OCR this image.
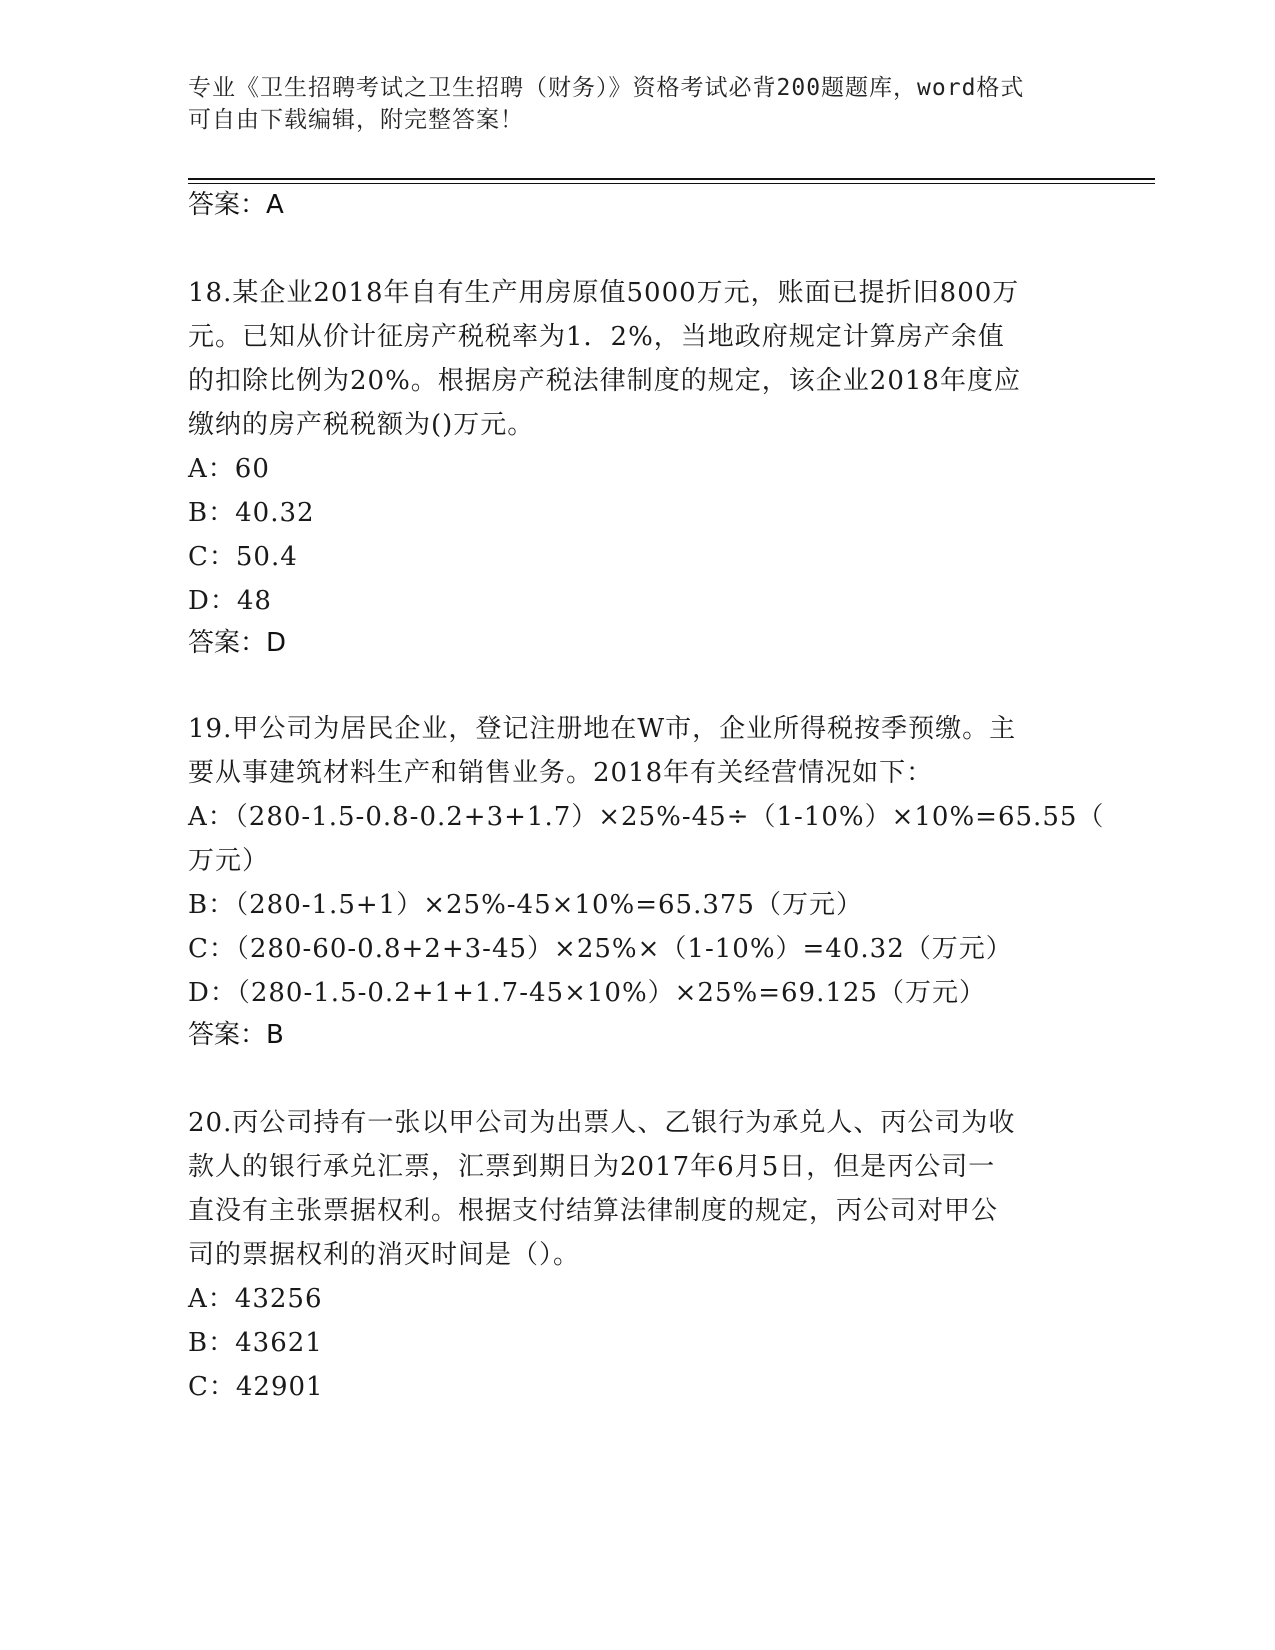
专业《卫生招聘考试之卫生招聘（财务）》资格考试必背200题题库，word格式
可自由下载编辑，附完整答案！
答案：A
18.某企业2018年自有生产用房原值5000万元，账面已提折旧800万
元。已知从价计征房产税税率为1．2%，当地政府规定计算房产余值
的扣除比例为20%。根据房产税法律制度的规定，该企业2018年度应
缴纳的房产税税额为()万元。
A：60
B：40.32
C：50.4
D：48
答案：D
19.甲公司为居民企业，登记注册地在W市，企业所得税按季预缴。主
要从事建筑材料生产和销售业务。2018年有关经营情况如下：
A：（280-1.5-0.8-0.2+3+1.7）×25%-45÷（1-10%）×10%=65.55（
万元）
B：（280-1.5+1）×25%-45×10%=65.375（万元）
C：（280-60-0.8+2+3-45）×25%×（1-10%）=40.32（万元）
D：（280-1.5-0.2+1+1.7-45×10%）×25%=69.125（万元）
答案：B
20.丙公司持有一张以甲公司为出票人、乙银行为承兑人、丙公司为收
款人的银行承兑汇票，汇票到期日为2017年6月5日，但是丙公司一
直没有主张票据权利。根据支付结算法律制度的规定，丙公司对甲公
司的票据权利的消灭时间是（）。
A：43256
B：43621
C：42901
